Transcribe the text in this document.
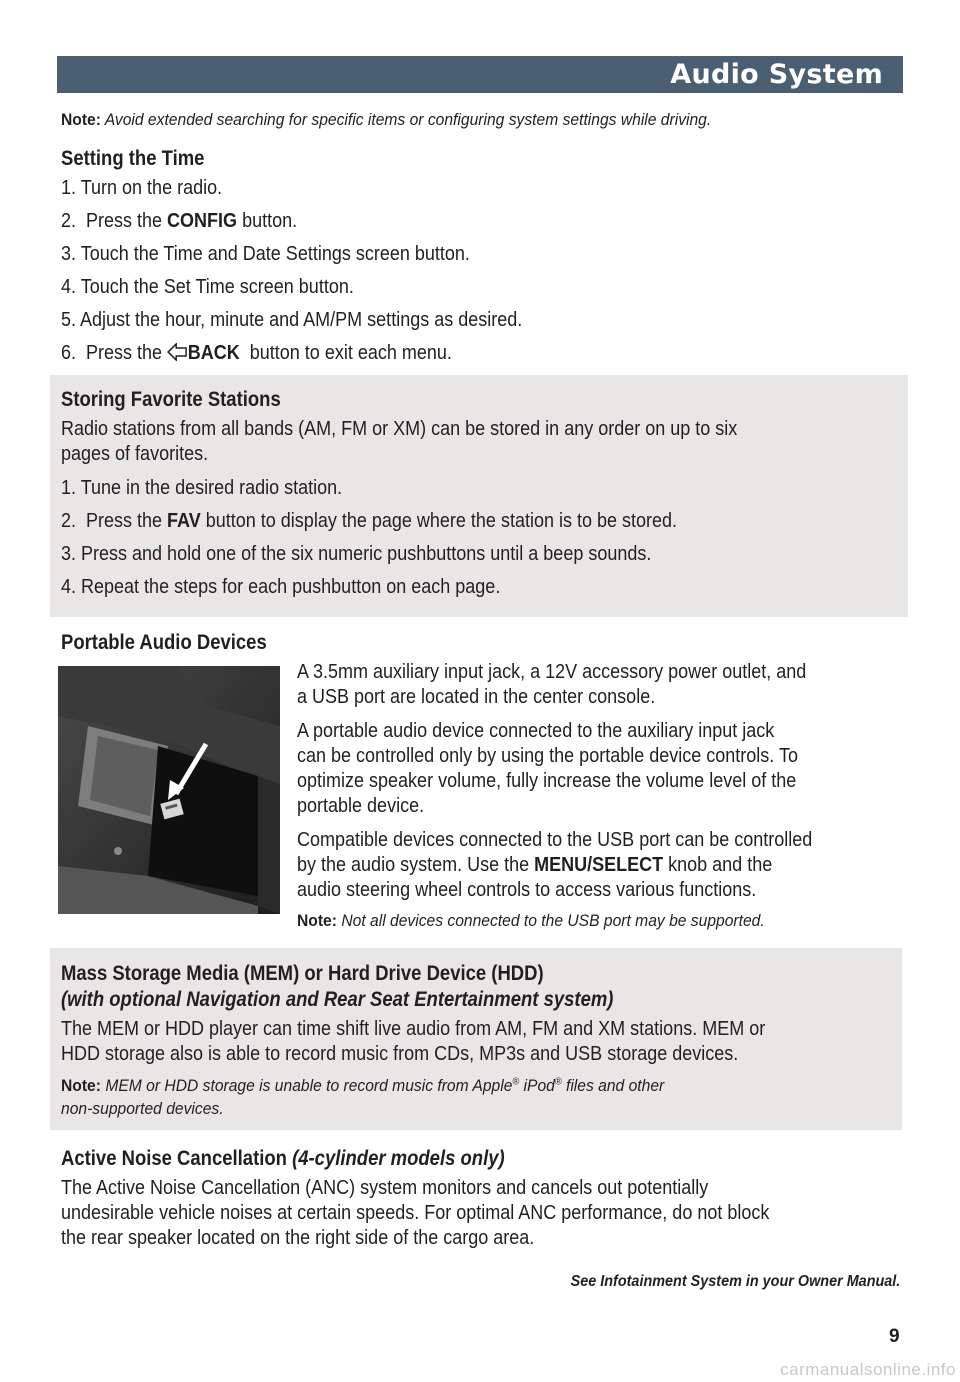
Audio System
Note: Avoid extended searching for specific items or configuring system settings while driving.
Setting the Time
1. Turn on the radio.
2.  Press the CONFIG button.
3. Touch the Time and Date Settings screen button.
4. Touch the Set Time screen button.
5. Adjust the hour, minute and AM/PM settings as desired.
6.  Press the BACK  button to exit each menu.
Storing Favorite Stations
Radio stations from all bands (AM, FM or XM) can be stored in any order on up to six
pages of favorites.
1. Tune in the desired radio station.
2.  Press the FAV button to display the page where the station is to be stored.
3. Press and hold one of the six numeric pushbuttons until a beep sounds.
4. Repeat the steps for each pushbutton on each page.
Portable Audio Devices
A 3.5mm auxiliary input jack, a 12V accessory power outlet, and
a USB port are located in the center console.
A portable audio device connected to the auxiliary input jack
can be controlled only by using the portable device controls. To
optimize speaker volume, fully increase the volume level of the
portable device.
Compatible devices connected to the USB port can be controlled
by the audio system. Use the MENU/SELECT knob and the
audio steering wheel controls to access various functions.
Note: Not all devices connected to the USB port may be supported.
Mass Storage Media (MEM) or Hard Drive Device (HDD)
(with optional Navigation and Rear Seat Entertainment system)
The MEM or HDD player can time shift live audio from AM, FM and XM stations. MEM or
HDD storage also is able to record music from CDs, MP3s and USB storage devices.
Note: MEM or HDD storage is unable to record music from Apple® iPod® files and other
non-supported devices.
Active Noise Cancellation (4-cylinder models only)
The Active Noise Cancellation (ANC) system monitors and cancels out potentially
undesirable vehicle noises at certain speeds. For optimal ANC performance, do not block
the rear speaker located on the right side of the cargo area.
See Infotainment System in your Owner Manual.
9
carmanualsonline.info
